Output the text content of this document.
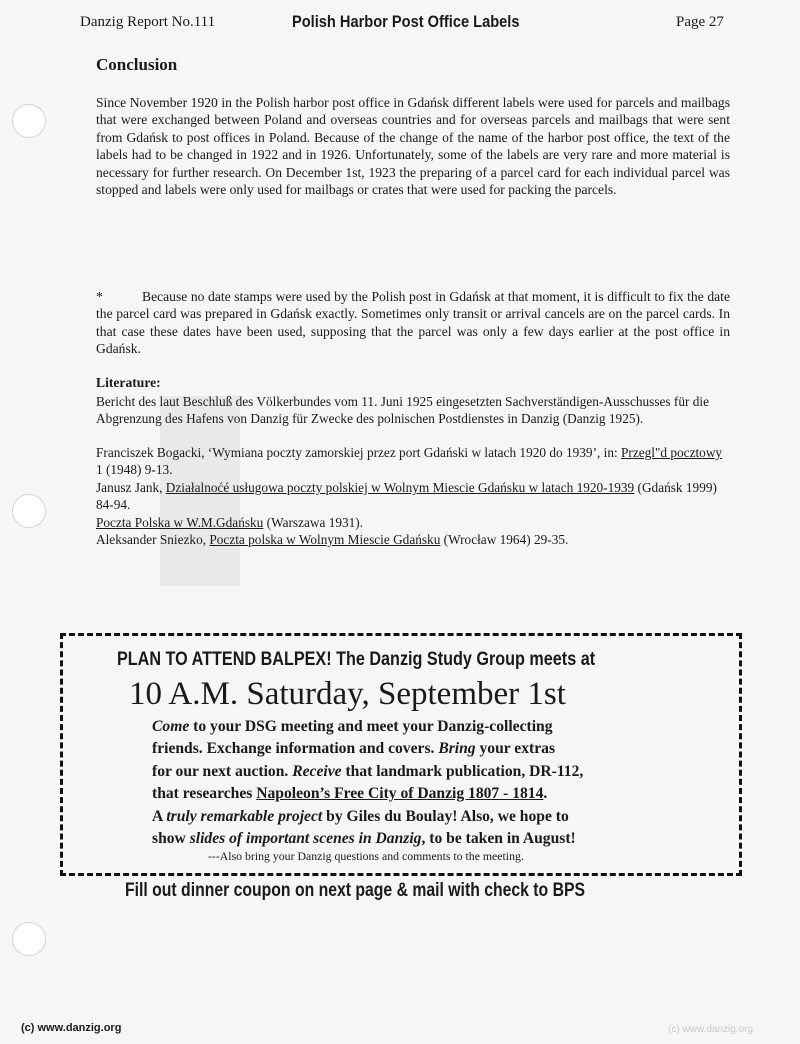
Danzig Report No.111	Polish Harbor Post Office Labels	Page 27
Conclusion
Since November 1920 in the Polish harbor post office in Gdańsk different labels were used for parcels and mailbags that were exchanged between Poland and overseas countries and for overseas parcels and mailbags that were sent from Gdańsk to post offices in Poland. Because of the change of the name of the harbor post office, the text of the labels had to be changed in 1922 and in 1926. Unfortunately, some of the labels are very rare and more material is necessary for further research. On December 1st, 1923 the preparing of a parcel card for each individual parcel was stopped and labels were only used for mailbags or crates that were used for packing the parcels.
*	Because no date stamps were used by the Polish post in Gdańsk at that moment, it is difficult to fix the date the parcel card was prepared in Gdańsk exactly. Sometimes only transit or arrival cancels are on the parcel cards. In that case these dates have been used, supposing that the parcel was only a few days earlier at the post office in Gdańsk.
Literature:
Bericht des laut Beschluß des Völkerbundes vom 11. Juni 1925 eingesetzten Sachverständigen-Ausschusses für die Abgrenzung des Hafens von Danzig für Zwecke des polnischen Postdienstes in Danzig (Danzig 1925).
Franciszek Bogacki, ‘Wymiana poczty zamorskiej przez port Gdański w latach 1920 do 1939’, in: Przegl"d pocztowy 1 (1948) 9-13.
Janusz Jank, Działalnoćé usługowa poczty polskiej w Wolnym Miescie Gdańsku w latach 1920-1939 (Gdańsk 1999) 84-94.
Poczta Polska w W.M.Gdańsku (Warszawa 1931).
Aleksander Sniezko, Poczta polska w Wolnym Miescie Gdańsku (Wrocław 1964) 29-35.
PLAN TO ATTEND BALPEX! The Danzig Study Group meets at
10 A.M. Saturday, September 1st
Come to your DSG meeting and meet your Danzig-collecting
friends. Exchange information and covers. Bring your extras
for our next auction. Receive that landmark publication, DR-112,
that researches Napoleon’s Free City of Danzig 1807 - 1814.
A truly remarkable project by Giles du Boulay! Also, we hope to
show slides of important scenes in Danzig, to be taken in August!
---Also bring your Danzig questions and comments to the meeting.
Fill out dinner coupon on next page & mail with check to BPS
(c) www.danzig.org	(c) www.danzig.org
